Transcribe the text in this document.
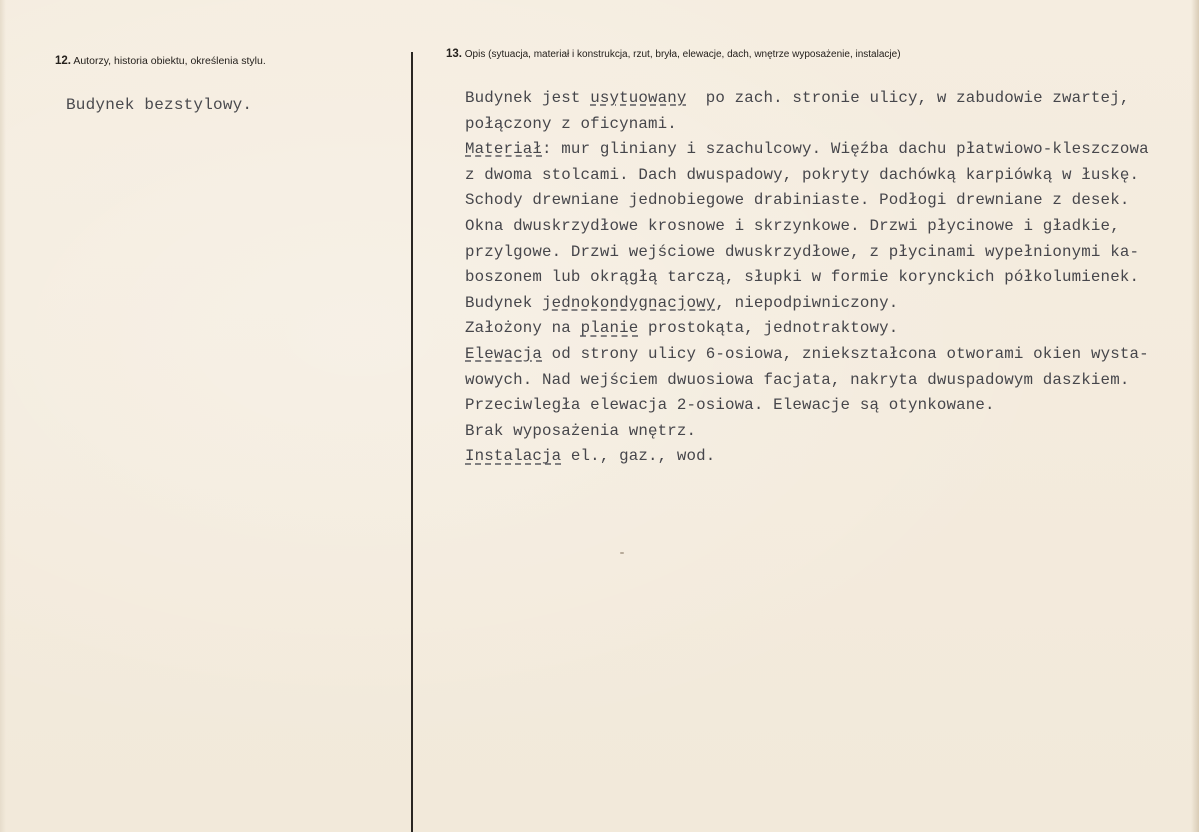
12. Autorzy, historia obiektu, określenia stylu.
13. Opis (sytuacja, materiał i konstrukcja, rzut, bryła, elewacje, dach, wnętrze wyposażenie, instalacje)
Budynek bezstylowy.	Budynek jest usytuowany  po zach. stronie ulicy, w zabudowie zwartej,
połączony z oficynami.
Materiał: mur gliniany i szachulcowy. Więźba dachu płatwiowo-kleszczowa
z dwoma stolcami. Dach dwuspadowy, pokryty dachówką karpiówką w łuskę.
Schody drewniane jednobiegowe drabiniaste. Podłogi drewniane z desek.
Okna dwuskrzydłowe krosnowe i skrzynkowe. Drzwi płycinowe i gładkie,
przylgowe. Drzwi wejściowe dwuskrzydłowe, z płycinami wypełnionymi ka-
boszonem lub okrągłą tarczą, słupki w formie korynckich półkolumienek.
Budynek jednokondygnacjowy, niepodpiwniczony.
Założony na planie prostokąta, jednotraktowy.
Elewacja od strony ulicy 6-osiowa, zniekształcona otworami okien wysta-
wowych. Nad wejściem dwuosiowa facjata, nakryta dwuspadowym daszkiem.
Przeciwległa elewacja 2-osiowa. Elewacje są otynkowane.
Brak wyposażenia wnętrz.
Instalacja el., gaz., wod.
